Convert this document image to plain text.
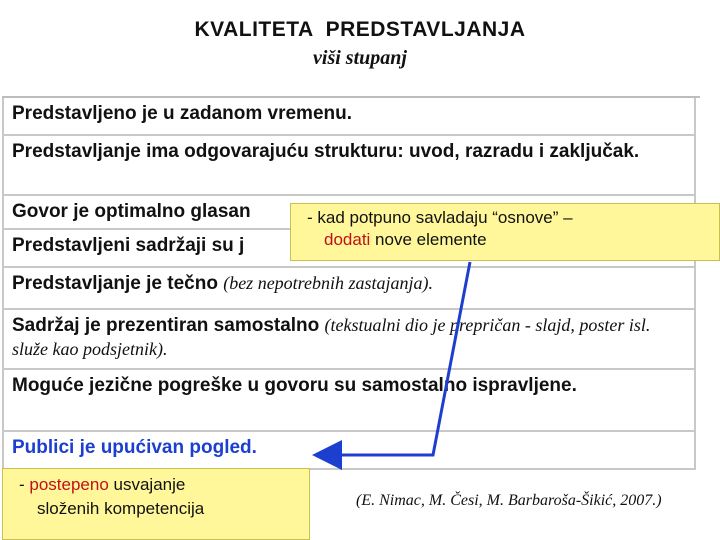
KVALITETA  PREDSTAVLJANJA
viši stupanj
Predstavljeno je u zadanom vremenu.
Predstavljanje ima odgovarajuću strukturu: uvod, razradu i zaključak.
Govor je optimalno glasan
Predstavljeni sadržaji su j
Predstavljanje je tečno (bez nepotrebnih zastajanja).
Sadržaj je prezentiran samostalno (tekstualni dio je prepričan - slajd, poster isl. služe kao podsjetnik).
Moguće jezične pogreške u govoru su samostalno ispravljene.
Publici je upućivan pogled.
- kad potpuno savladaju “osnove” –
dodati nove elemente
- postepeno usvajanje
složenih kompetencija	(E. Nimac, M. Česi, M. Barbaroša-Šikić, 2007.)
